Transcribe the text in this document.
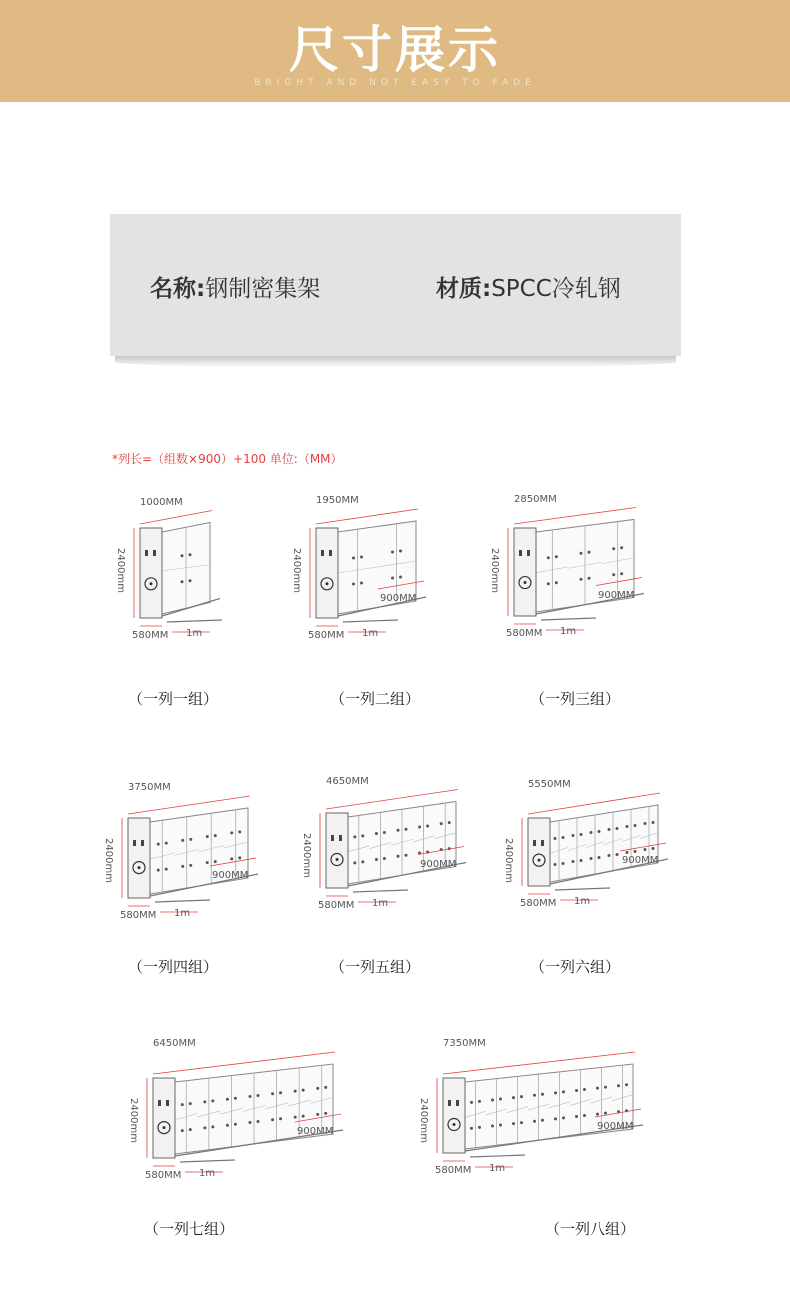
尺寸展示
BRIGHT AND NOT EASY TO FADE
名称:钢制密集架	材质:SPCC冷轧钢
*列长=（组数×900）+100 单位:（MM）
1000MM
2400mm
580MM 1m
（一列一组）
1950MM
2400mm
580MM 1m
900MM
（一列二组）
2850MM
2400mm
580MM 1m
900MM
（一列三组）
3750MM
2400mm
580MM 1m
900MM
（一列四组）
4650MM
2400mm
580MM 1m
900MM
（一列五组）
5550MM
2400mm
580MM 1m
900MM
（一列六组）
6450MM
2400mm
580MM 1m
900MM
（一列七组）
7350MM
2400mm
580MM 1m
900MM
（一列八组）
